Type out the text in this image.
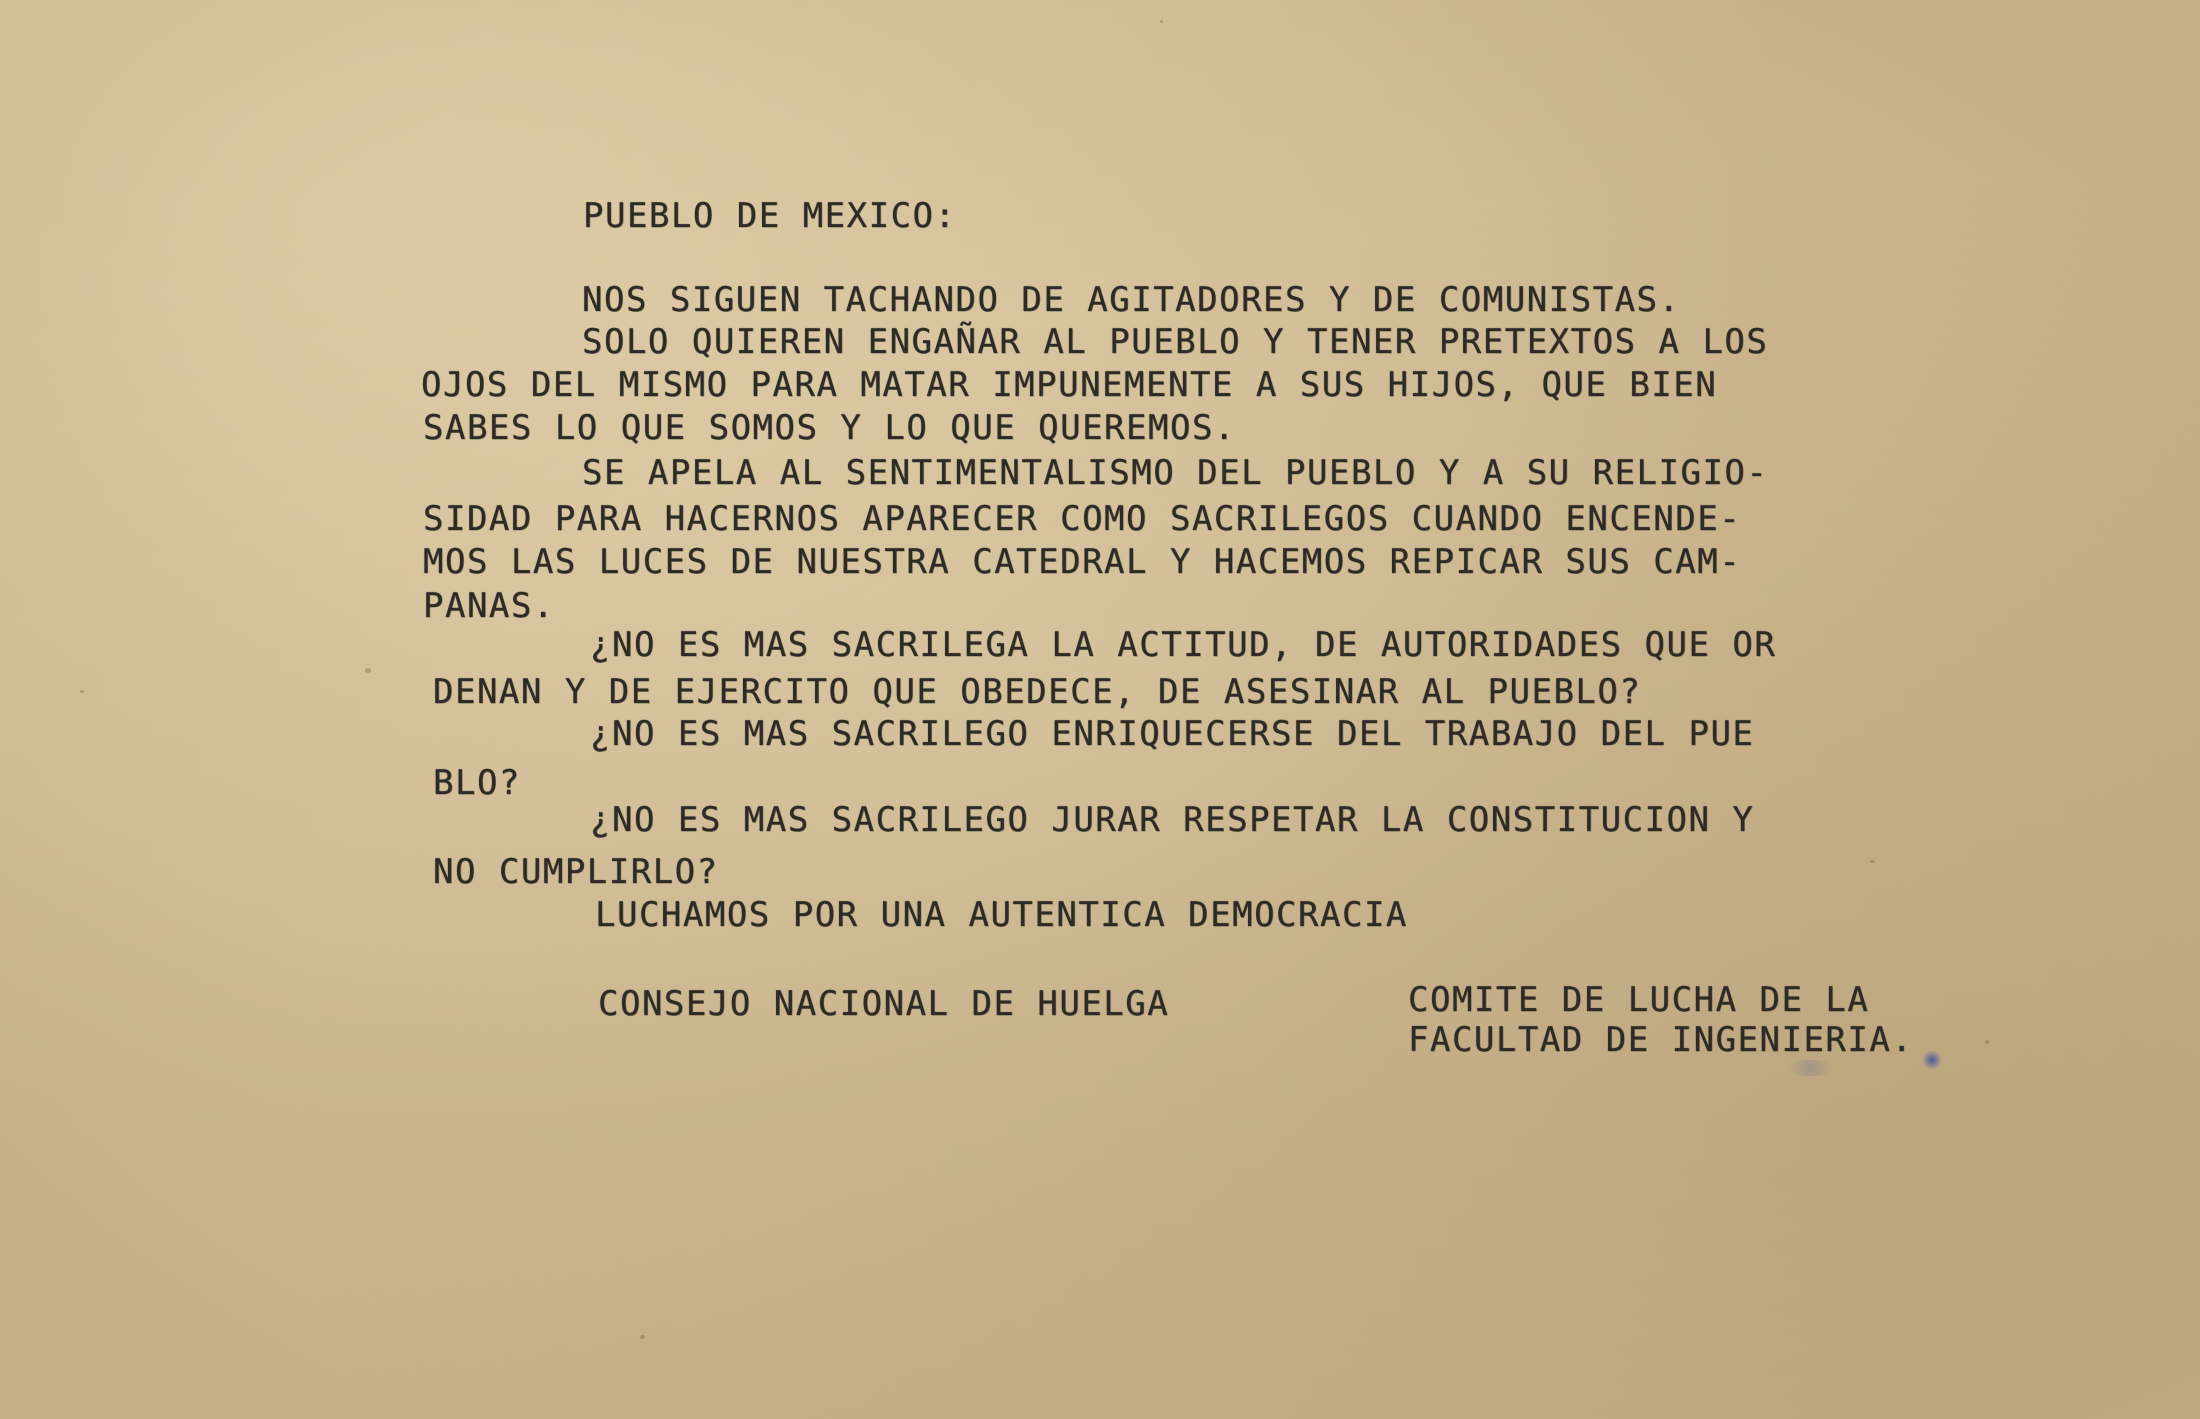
PUEBLO DE MEXICO:
NOS SIGUEN TACHANDO DE AGITADORES Y DE COMUNISTAS.
SOLO QUIEREN ENGAÑAR AL PUEBLO Y TENER PRETEXTOS A LOS
OJOS DEL MISMO PARA MATAR IMPUNEMENTE A SUS HIJOS, QUE BIEN
SABES LO QUE SOMOS Y LO QUE QUEREMOS.
SE APELA AL SENTIMENTALISMO DEL PUEBLO Y A SU RELIGIO-
SIDAD PARA HACERNOS APARECER COMO SACRILEGOS CUANDO ENCENDE-
MOS LAS LUCES DE NUESTRA CATEDRAL Y HACEMOS REPICAR SUS CAM-
PANAS.
¿NO ES MAS SACRILEGA LA ACTITUD, DE AUTORIDADES QUE OR
DENAN Y DE EJERCITO QUE OBEDECE, DE ASESINAR AL PUEBLO?
¿NO ES MAS SACRILEGO ENRIQUECERSE DEL TRABAJO DEL PUE
BLO?
¿NO ES MAS SACRILEGO JURAR RESPETAR LA CONSTITUCION Y
NO CUMPLIRLO?
LUCHAMOS POR UNA AUTENTICA DEMOCRACIA
CONSEJO NACIONAL DE HUELGA	COMITE DE LUCHA DE LA
FACULTAD DE INGENIERIA.
